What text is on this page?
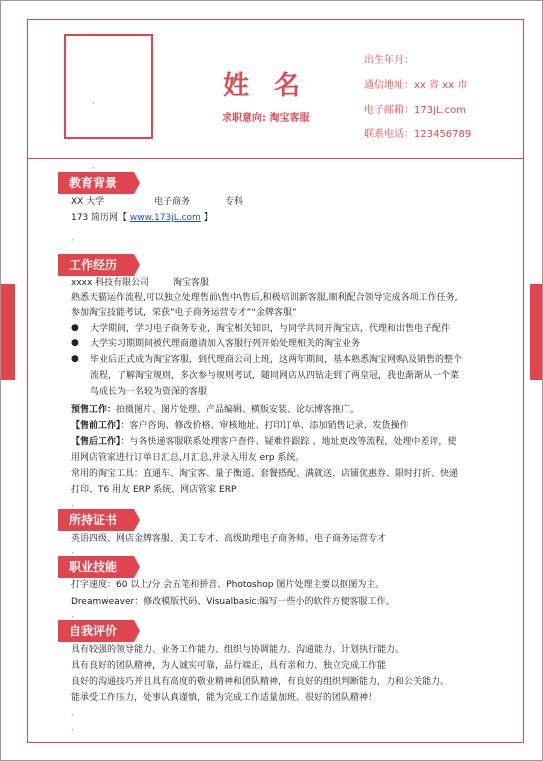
,	姓 名
求职意向: 淘宝客服
出生年月：
通信地址：xx 省 xx 市
电子邮箱：173jL.com
联系电话：123456789
教育背景
XX 大学	电子商务	专科
173 简历网【 www.173jL.com 】
工作经历
xxxx 科技有限公司	淘宝客服
熟悉天猫运作流程,可以独立处理售前\售中\售后,积极培训新客服,顺利配合领导完成各项工作任务,
参加淘宝技能考试，荣获“电子商务运营专才”“金牌客服”
● 大学期间，学习电子商务专业，淘宝相关知识，与同学共同开淘宝店，代理和出售电子配件
● 大学实习期期间被代理商邀请加入客服行列开始处理相关的淘宝业务
● 毕业后正式成为淘宝客服，到代理商公司上班，这两年期间，基本熟悉淘宝网购\及销售的整个
流程，了解淘宝规则，多次参与规则考试，随同网店从四钻走到了两皇冠，我也渐渐从一个菜
鸟成长为一名较为资深的客服
预售工作：拍摄图片、图片处理、产品编辑、横版安装、论坛博客推广。
【售前工作】：客户咨询、修改价格、审核地址、打印订单、添加销售记录、发货操作
【售后工作】：与各快递客服联系处理客户查件、疑难件跟踪 、地址更改等流程，处理中差评，使
用网店管家进行订单日汇总,月汇总,并录入用友 erp 系统。
常用的淘宝工具：直通车、淘宝客、量子衡道、套餐搭配、满就送、店铺优惠券、限时打折、快递
打印、T6 用友 ERP 系统、网店管家 ERP
所持证书
英语四级、网店金牌客服、美工专才、高级助理电子商务师、电子商务运营专才
职业技能
打字速度：60 以上/分 会五笔和拼音、Photoshop 图片处理主要以抠图为主。
Dreamweaver：修改模版代码、Visualbasic:编写一些小的软件方便客服工作。
自我评价
具有较强的领导能力、业务工作能力、组织与协调能力、沟通能力、计划执行能力。
具有良好的团队精神，为人诚实可靠，品行端正，具有亲和力、独立完成工作能
良好的沟通技巧并且具有高度的敬业精神和团队精神，有良好的组织判断能力，力和公关能力。
能承受工作压力，处事认真谨慎，能为完成工作适量加班。很好的团队精神！
,
,
,
,
,
,
,
